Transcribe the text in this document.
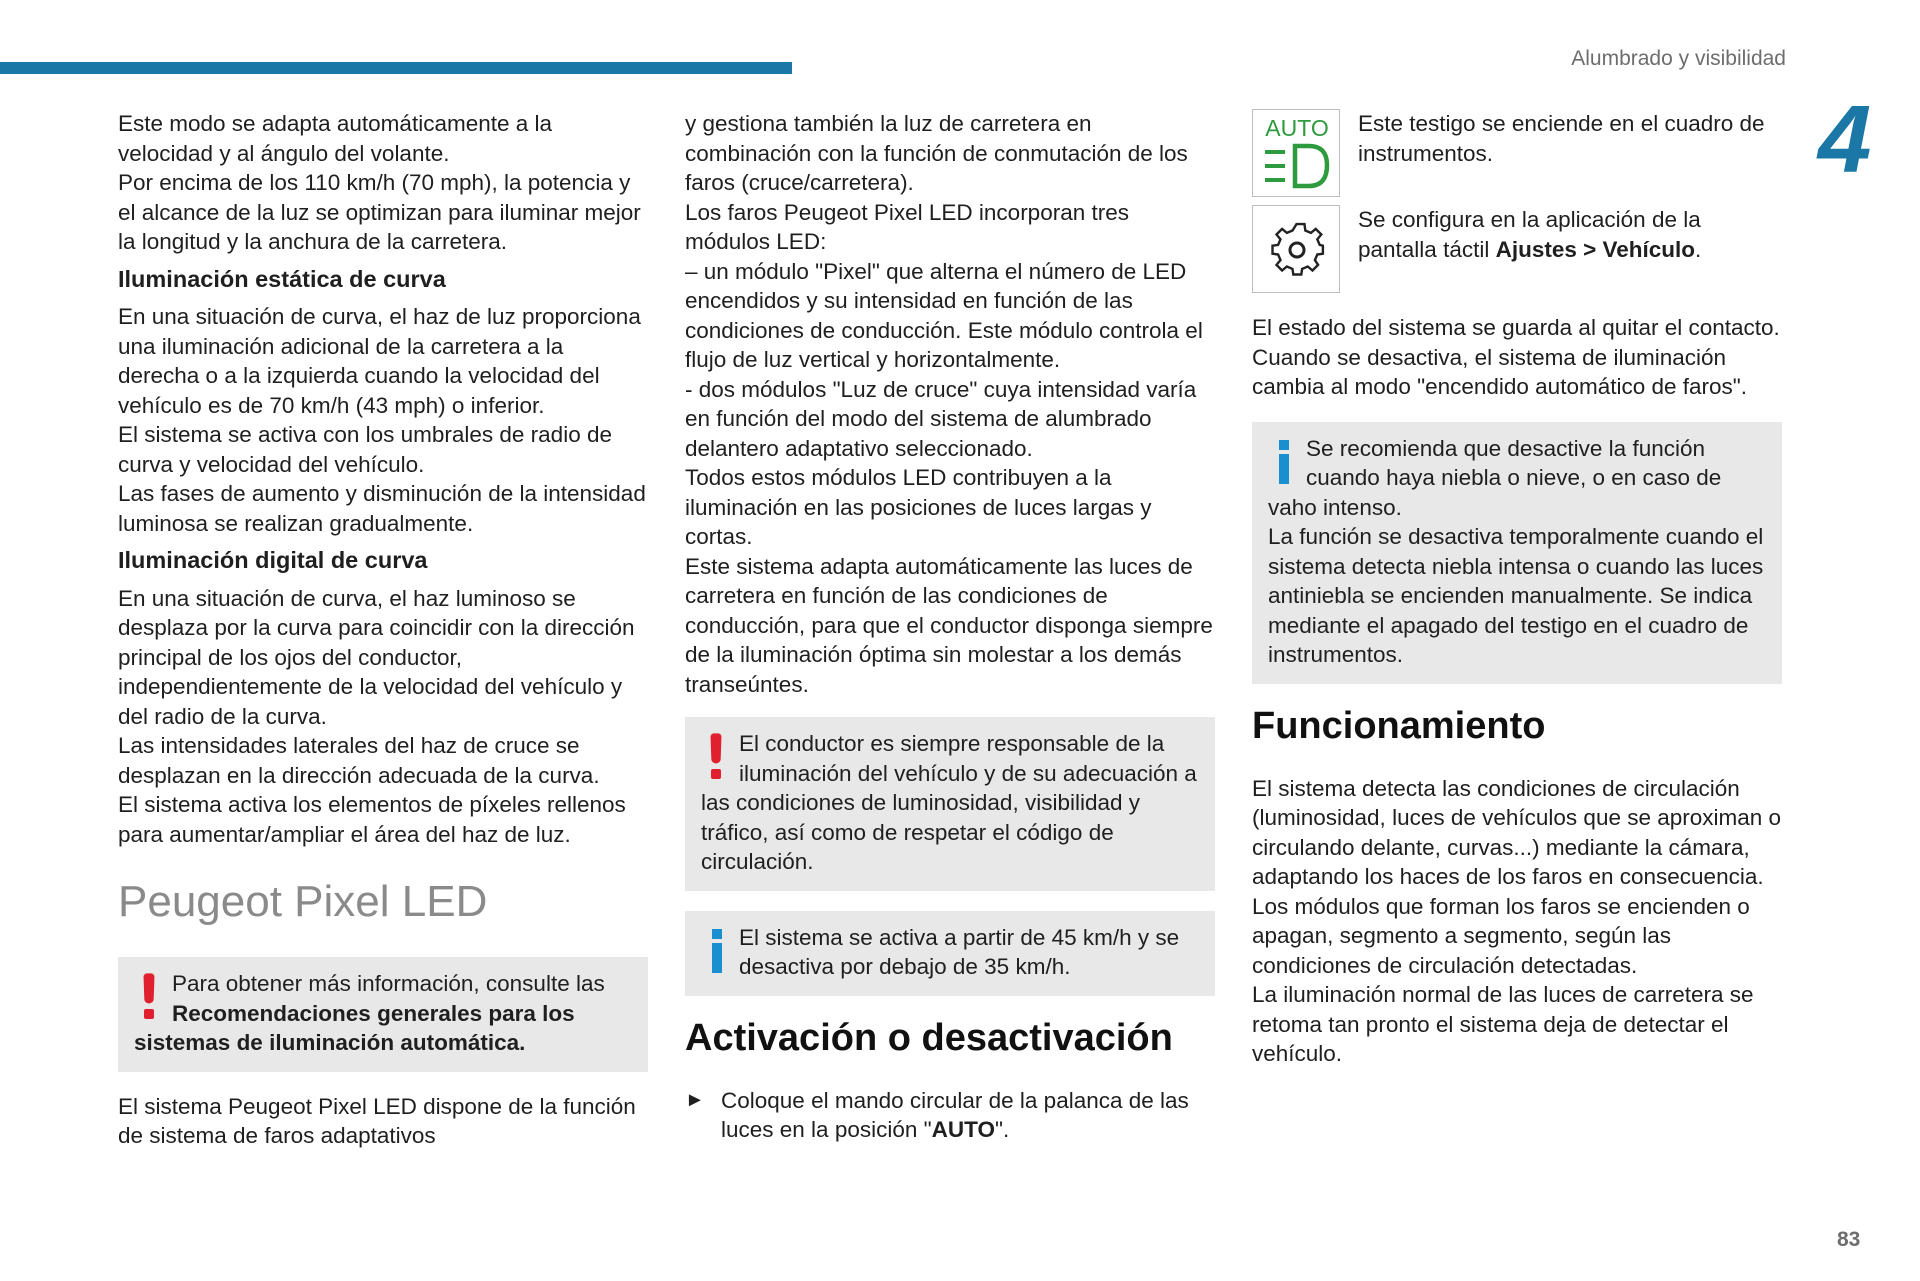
Alumbrado y visibilidad
4

Este modo se adapta automáticamente a la velocidad y al ángulo del volante.

Por encima de los 110 km/h (70 mph), la potencia y el alcance de la luz se optimizan para iluminar mejor la longitud y la anchura de la carretera.

Iluminación estática de curva

En una situación de curva, el haz de luz proporciona una iluminación adicional de la carretera a la derecha o a la izquierda cuando la velocidad del vehículo es de 70 km/h (43 mph) o inferior.

El sistema se activa con los umbrales de radio de curva y velocidad del vehículo.

Las fases de aumento y disminución de la intensidad luminosa se realizan gradualmente.

Iluminación digital de curva

En una situación de curva, el haz luminoso se desplaza por la curva para coincidir con la dirección principal de los ojos del conductor, independientemente de la velocidad del vehículo y del radio de la curva.

Las intensidades laterales del haz de cruce se desplazan en la dirección adecuada de la curva.

El sistema activa los elementos de píxeles rellenos para aumentar/ampliar el área del haz de luz.

Peugeot Pixel LED
Para obtener más información, consulte las Recomendaciones generales para los sistemas de iluminación automática.

El sistema Peugeot Pixel LED dispone de la función de sistema de faros adaptativos

y gestiona también la luz de carretera en combinación con la función de conmutación de los faros (cruce/carretera).

Los faros Peugeot Pixel LED incorporan tres módulos LED:

– un módulo "Pixel" que alterna el número de LED encendidos y su intensidad en función de las condiciones de conducción. Este módulo controla el flujo de luz vertical y horizontalmente.

- dos módulos "Luz de cruce" cuya intensidad varía en función del modo del sistema de alumbrado delantero adaptativo seleccionado.

Todos estos módulos LED contribuyen a la iluminación en las posiciones de luces largas y cortas.

Este sistema adapta automáticamente las luces de carretera en función de las condiciones de conducción, para que el conductor disponga siempre de la iluminación óptima sin molestar a los demás transeúntes.

El conductor es siempre responsable de la iluminación del vehículo y de su adecuación a las condiciones de luminosidad, visibilidad y tráfico, así como de respetar el código de circulación.
El sistema se activa a partir de 45 km/h y se desactiva por debajo de 35 km/h.
Activación o desactivación
► Coloque el mando circular de la palanca de las luces en la posición "AUTO".
AUTO Este testigo se enciende en el cuadro de instrumentos.

Se configura en la aplicación de la pantalla táctil Ajustes > Vehículo.

El estado del sistema se guarda al quitar el contacto.

Cuando se desactiva, el sistema de iluminación cambia al modo "encendido automático de faros".

Se recomienda que desactive la función cuando haya niebla o nieve, o en caso de vaho intenso.

La función se desactiva temporalmente cuando el sistema detecta niebla intensa o cuando las luces antiniebla se encienden manualmente. Se indica mediante el apagado del testigo en el cuadro de instrumentos.

Funcionamiento

El sistema detecta las condiciones de circulación (luminosidad, luces de vehículos que se aproximan o circulando delante, curvas...) mediante la cámara, adaptando los haces de los faros en consecuencia.

Los módulos que forman los faros se encienden o apagan, segmento a segmento, según las condiciones de circulación detectadas.

La iluminación normal de las luces de carretera se retoma tan pronto el sistema deja de detectar el vehículo.

83
